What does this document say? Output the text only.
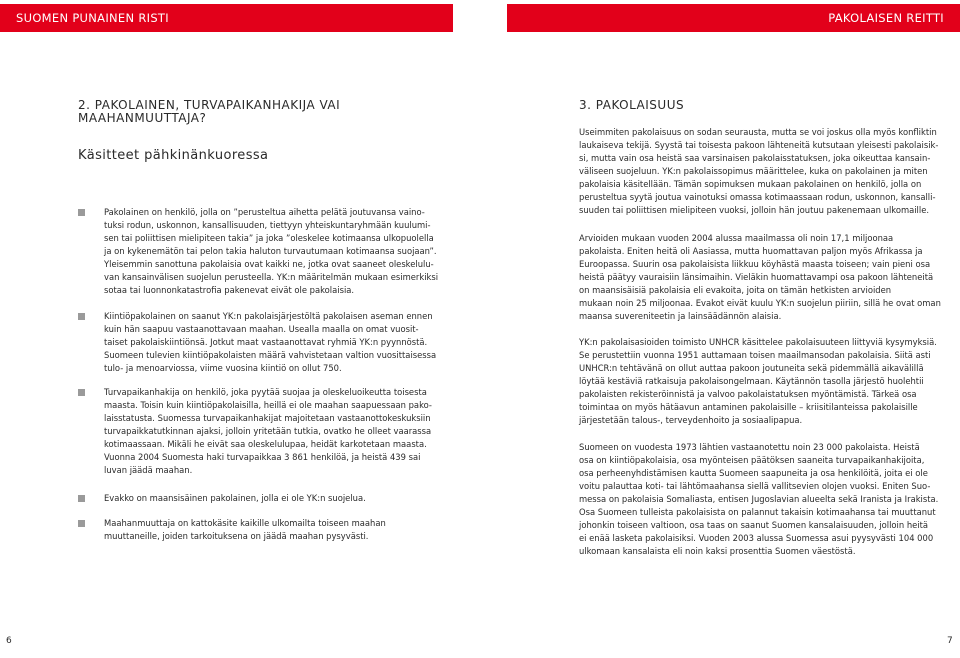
SUOMEN PUNAINEN RISTI	PAKOLAISEN REITTI
2. PAKOLAINEN, TURVAPAIKANHAKIJA VAI
MAAHANMUUTTAJA?
Käsitteet pähkinänkuoressa

Pakolainen on henkilö, jolla on ”perusteltua aihetta pelätä joutuvansa vaino-
tuksi rodun, uskonnon, kansallisuuden, tiettyyn yhteiskuntaryhmään kuulumi-
sen tai poliittisen mielipiteen takia” ja joka ”oleskelee kotimaansa ulkopuolella
ja on kykenemätön tai pelon takia haluton turvautumaan kotimaansa suojaan”.
Yleisemmin sanottuna pakolaisia ovat kaikki ne, jotka ovat saaneet oleskelulu-
van kansainvälisen suojelun perusteella. YK:n määritelmän mukaan esimerkiksi
sotaa tai luonnonkatastrofia pakenevat eivät ole pakolaisia.

Kiintiöpakolainen on saanut YK:n pakolaisjärjestöltä pakolaisen aseman ennen
kuin hän saapuu vastaanottavaan maahan. Usealla maalla on omat vuosit-
taiset pakolaiskiintiönsä. Jotkut maat vastaanottavat ryhmiä YK:n pyynnöstä.
Suomeen tulevien kiintiöpakolaisten määrä vahvistetaan valtion vuosittaisessa
tulo- ja menoarviossa, viime vuosina kiintiö on ollut 750.

Turvapaikanhakija on henkilö, joka pyytää suojaa ja oleskeluoikeutta toisesta
maasta. Toisin kuin kiintiöpakolaisilla, heillä ei ole maahan saapuessaan pako-
laisstatusta. Suomessa turvapaikanhakijat majoitetaan vastaanottokeskuksiin
turvapaikkatutkinnan ajaksi, jolloin yritetään tutkia, ovatko he olleet vaarassa
kotimaassaan. Mikäli he eivät saa oleskelulupaa, heidät karkotetaan maasta.
Vuonna 2004 Suomesta haki turvapaikkaa 3 861 henkilöä, ja heistä 439 sai
luvan jäädä maahan.

Evakko on maansisäinen pakolainen, jolla ei ole YK:n suojelua.

Maahanmuuttaja on kattokäsite kaikille ulkomailta toiseen maahan
muuttaneille, joiden tarkoituksena on jäädä maahan pysyvästi.

3. PAKOLAISUUS

Useimmiten pakolaisuus on sodan seurausta, mutta se voi joskus olla myös konfliktin
laukaiseva tekijä. Syystä tai toisesta pakoon lähteneitä kutsutaan yleisesti pakolaisik-
si, mutta vain osa heistä saa varsinaisen pakolaisstatuksen, joka oikeuttaa kansain-
väliseen suojeluun. YK:n pakolaissopimus määrittelee, kuka on pakolainen ja miten
pakolaisia käsitellään. Tämän sopimuksen mukaan pakolainen on henkilö, jolla on
perusteltua syytä joutua vainotuksi omassa kotimaassaan rodun, uskonnon, kansalli-
suuden tai poliittisen mielipiteen vuoksi, jolloin hän joutuu pakenemaan ulkomaille.

Arvioiden mukaan vuoden 2004 alussa maailmassa oli noin 17,1 miljoonaa
pakolaista. Eniten heitä oli Aasiassa, mutta huomattavan paljon myös Afrikassa ja
Euroopassa. Suurin osa pakolaisista liikkuu köyhästä maasta toiseen; vain pieni osa
heistä päätyy vauraisiin länsimaihin. Vieläkin huomattavampi osa pakoon lähteneitä
on maansisäisiä pakolaisia eli evakoita, joita on tämän hetkisten arvioiden
mukaan noin 25 miljoonaa. Evakot eivät kuulu YK:n suojelun piiriin, sillä he ovat oman
maansa suvereniteetin ja lainsäädännön alaisia.

YK:n pakolaisasioiden toimisto UNHCR käsittelee pakolaisuuteen liittyviä kysymyksiä.
Se perustettiin vuonna 1951 auttamaan toisen maailmansodan pakolaisia. Siitä asti
UNHCR:n tehtävänä on ollut auttaa pakoon joutuneita sekä pidemmällä aikavälillä
löytää kestäviä ratkaisuja pakolaisongelmaan. Käytännön tasolla järjestö huolehtii
pakolaisten rekisteröinnistä ja valvoo pakolaistatuksen myöntämistä. Tärkeä osa
toimintaa on myös hätäavun antaminen pakolaisille – kriisitilanteissa pakolaisille
järjestetään talous-, terveydenhoito ja sosiaalipapua.

Suomeen on vuodesta 1973 lähtien vastaanotettu noin 23 000 pakolaista. Heistä
osa on kiintiöpakolaisia, osa myönteisen päätöksen saaneita turvapaikanhakijoita,
osa perheenyhdistämisen kautta Suomeen saapuneita ja osa henkilöitä, joita ei ole
voitu palauttaa koti- tai lähtömaahansa siellä vallitsevien olojen vuoksi. Eniten Suo-
messa on pakolaisia Somaliasta, entisen Jugoslavian alueelta sekä Iranista ja Irakista.
Osa Suomeen tulleista pakolaisista on palannut takaisin kotimaahansa tai muuttanut
johonkin toiseen valtioon, osa taas on saanut Suomen kansalaisuuden, jolloin heitä
ei enää lasketa pakolaisiksi. Vuoden 2003 alussa Suomessa asui pyysyvästi 104 000
ulkomaan kansalaista eli noin kaksi prosenttia Suomen väestöstä.

6	7
